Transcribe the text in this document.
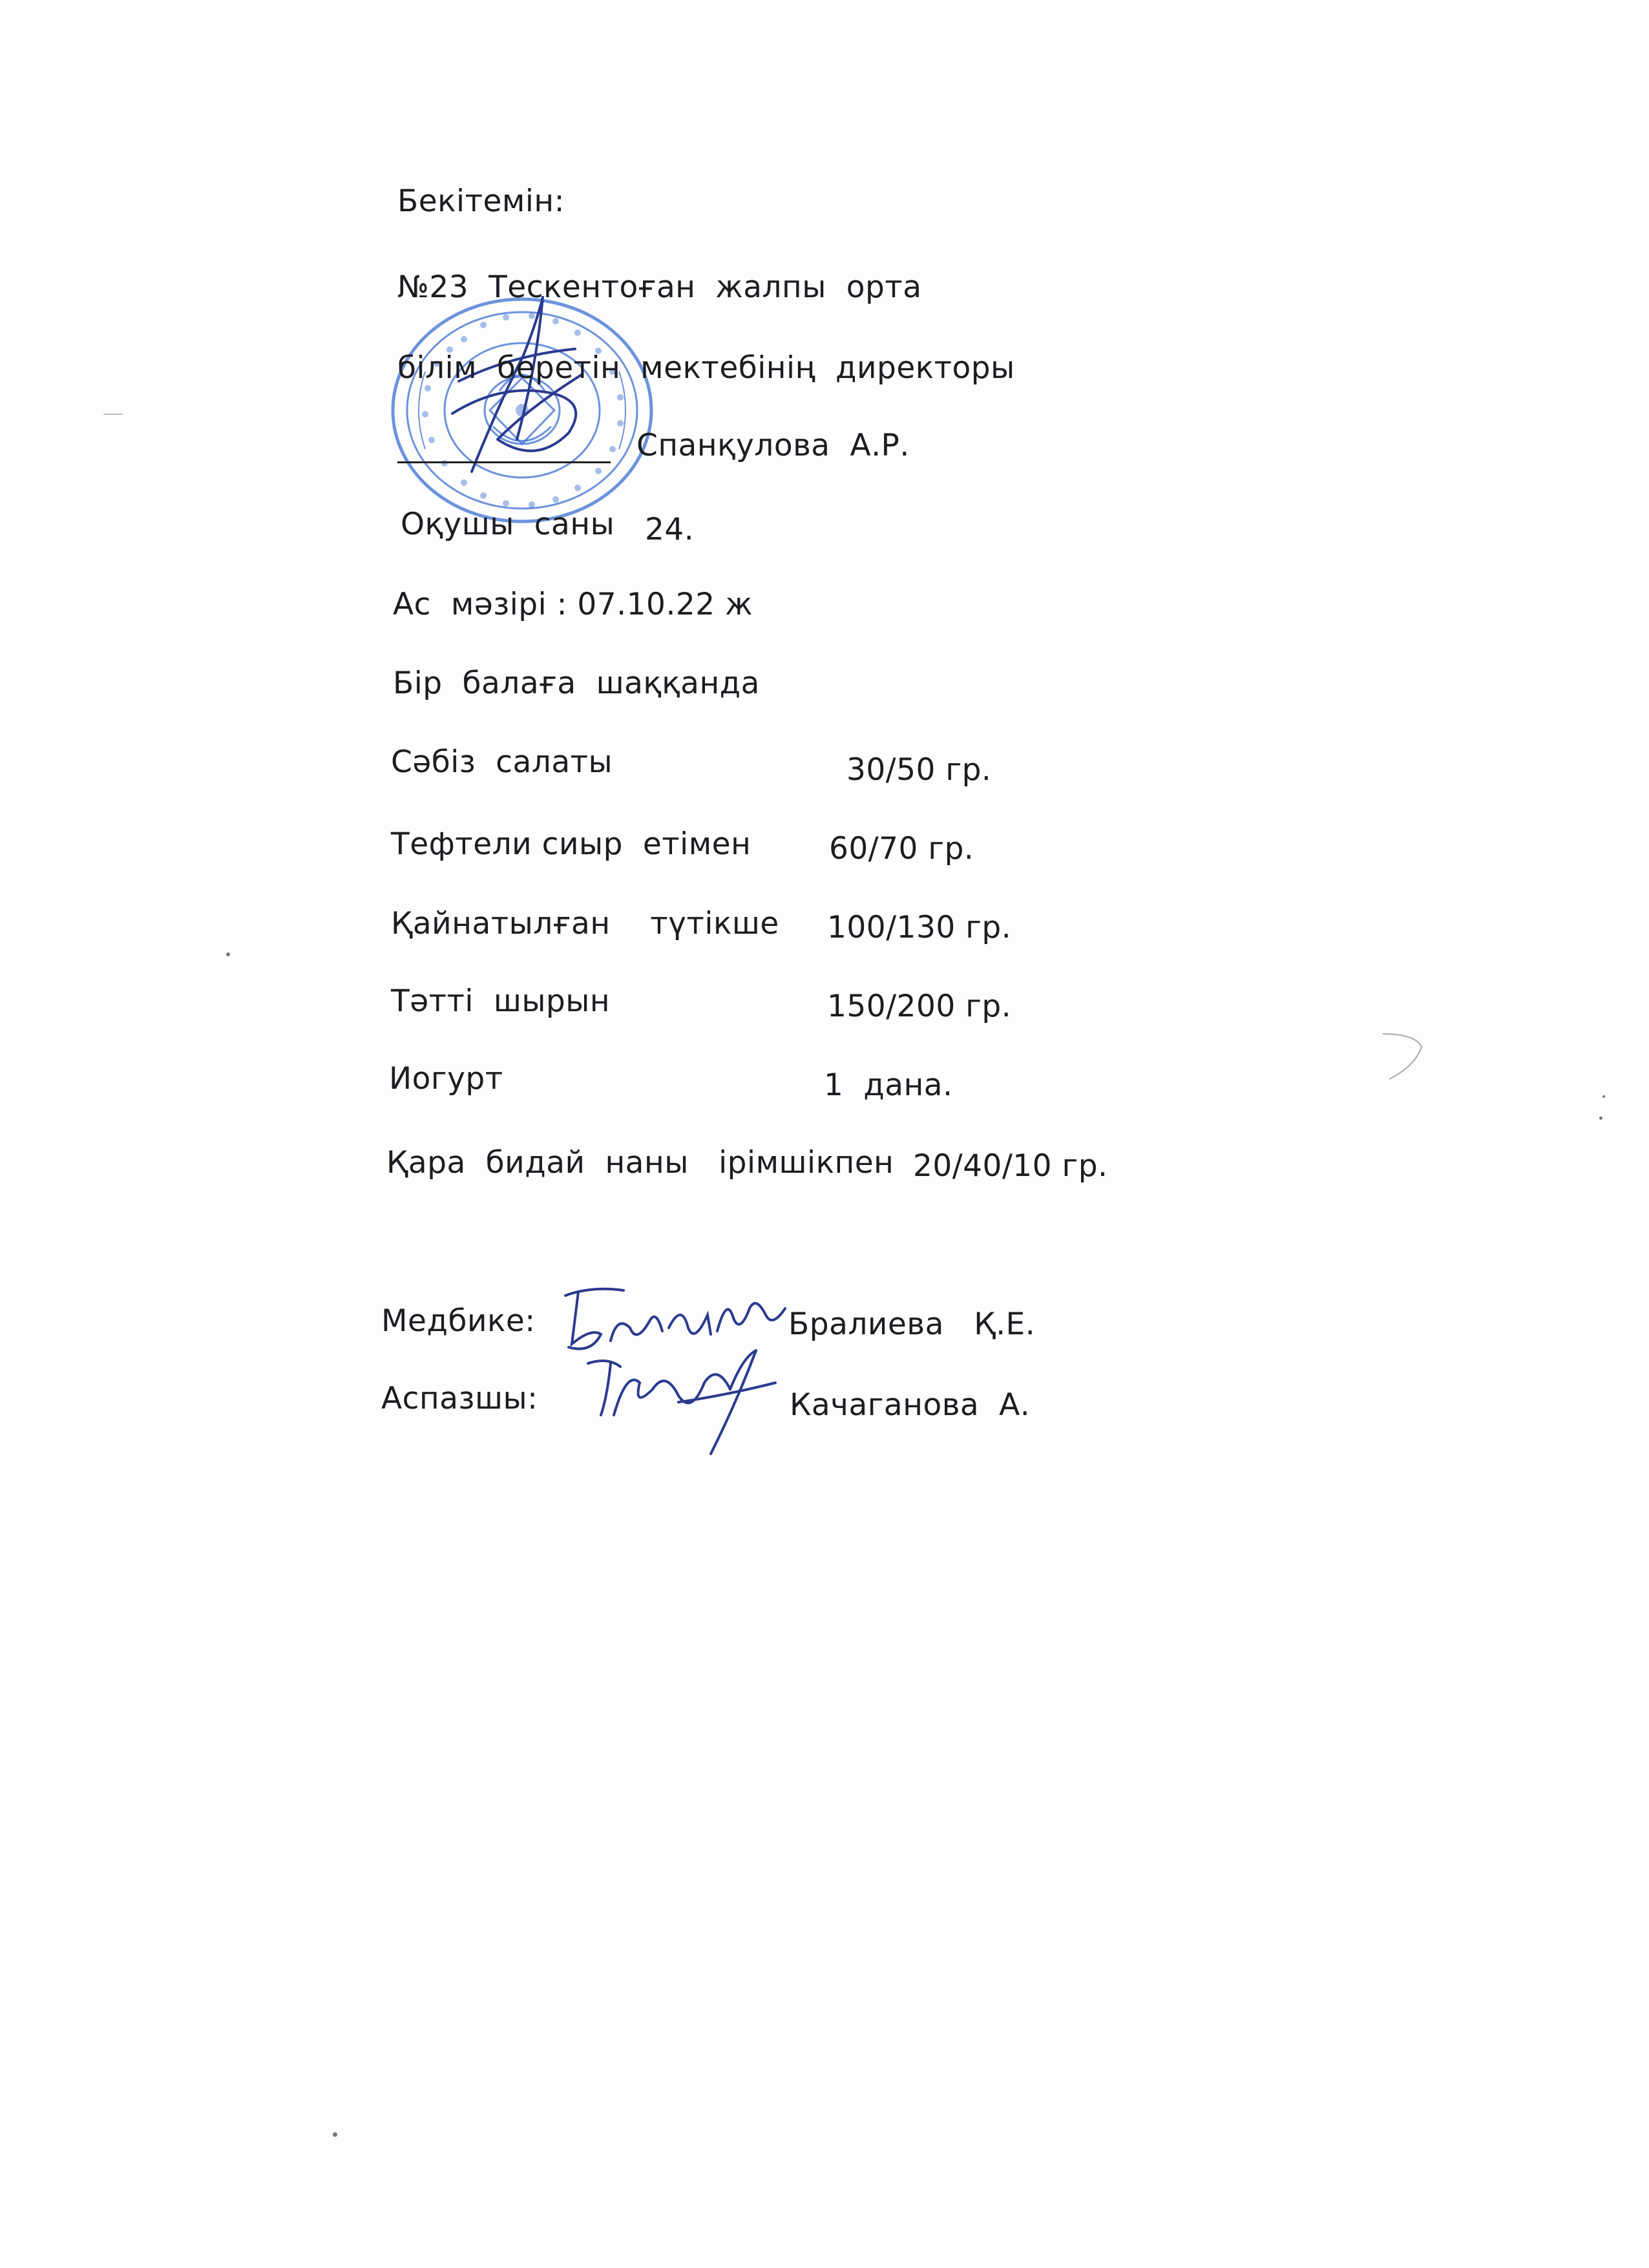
Бекітемін:
№23  Тескентоған  жалпы  орта
білім  беретін  мектебінің  директоры
Спанқулова  А.Р.
Оқушы  саны 24.
Ас  мәзірі : 07.10.22 ж
Бір  балаға  шаққанда
Сәбіз  салаты	30/50 гр.
Тефтели сиыр  етімен	60/70 гр.
Қайнатылған    түтікше 100/130 гр.
Тәтті  шырын	150/200 гр.
Иогурт	1  дана.
Қара  бидай  наны   ірімшікпен 20/40/10 гр.
Медбике:	Бралиева   Қ.Е.
Аспазшы:	Качаганова  А.
